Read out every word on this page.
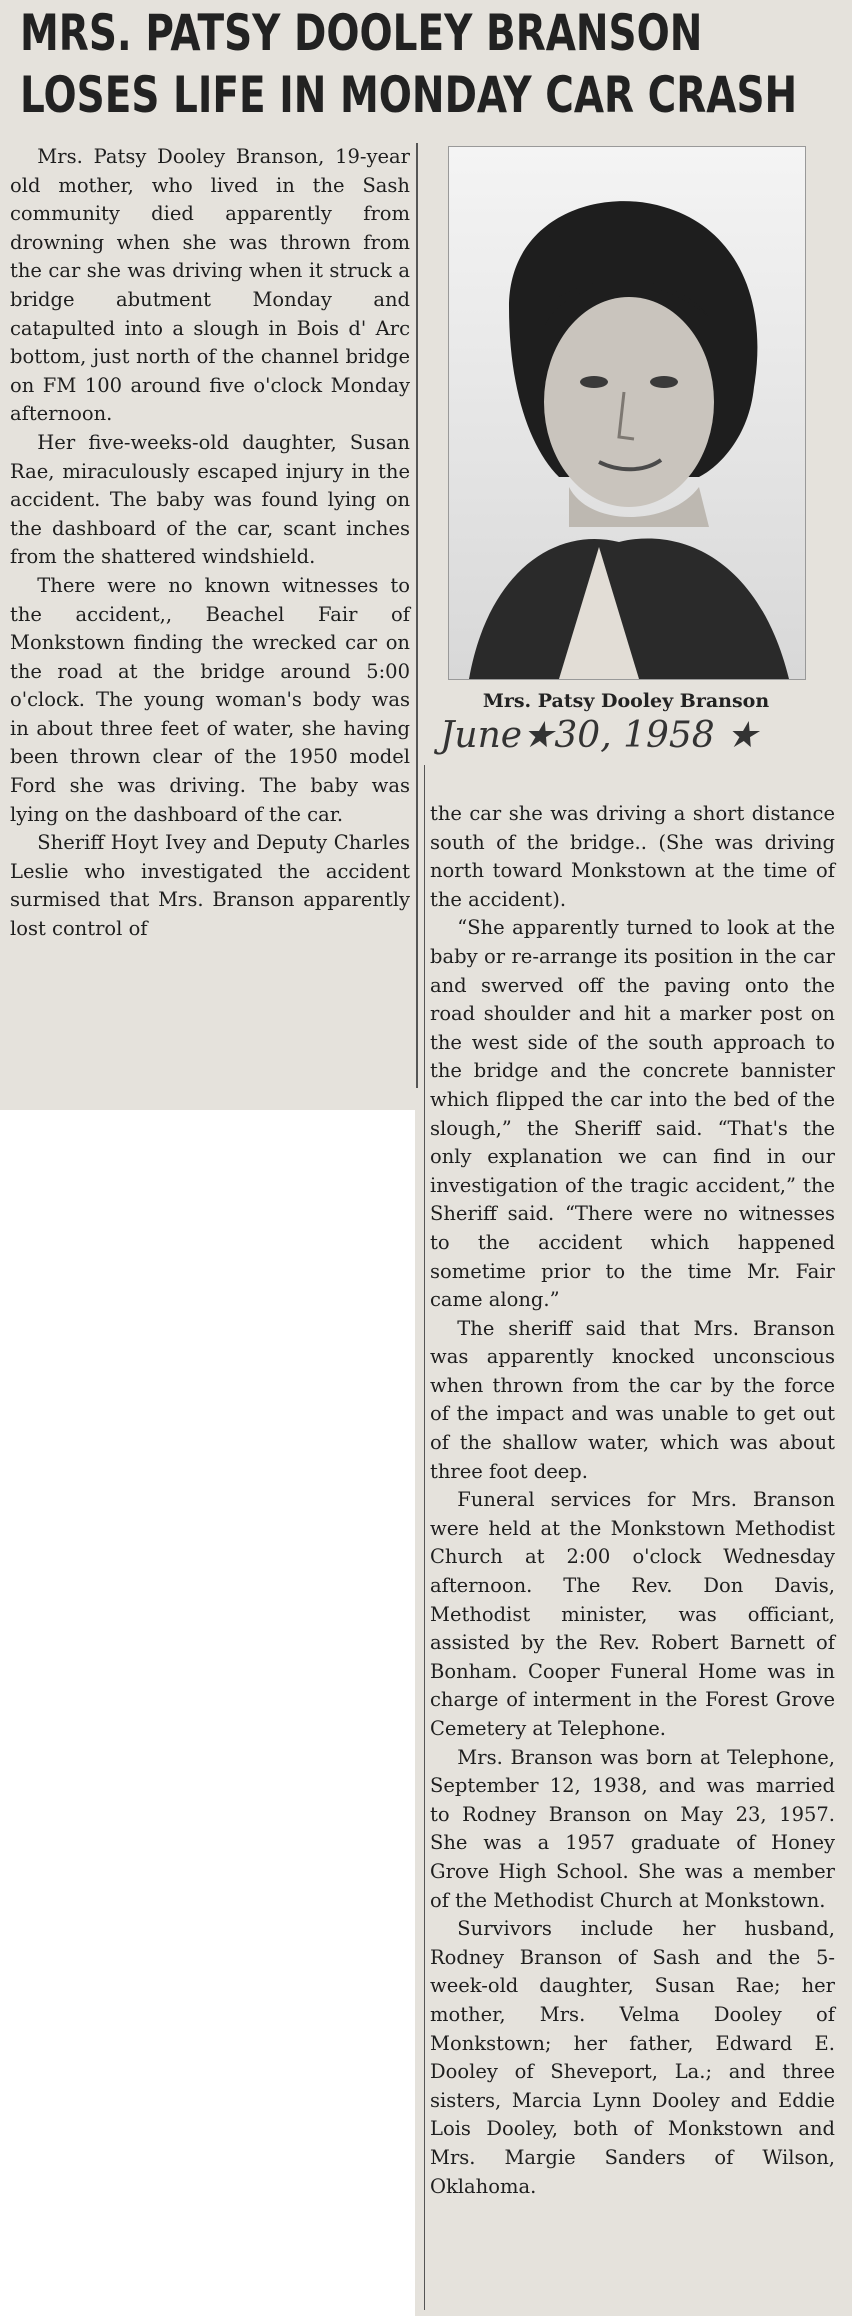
MRS. PATSY DOOLEY BRANSON
LOSES LIFE IN MONDAY CAR CRASH

Mrs. Patsy Dooley Branson, 19-year old mother, who lived in the Sash community died apparently from drowning when she was thrown from the car she was driving when it struck a bridge abutment Monday and catapulted into a slough in Bois d' Arc bottom, just north of the channel bridge on FM 100 around five o'clock Monday afternoon.

Her five-weeks-old daughter, Susan Rae, miraculously escaped injury in the accident. The baby was found lying on the dashboard of the car, scant inches from the shattered windshield.

There were no known witnesses to the accident,, Beachel Fair of Monkstown finding the wrecked car on the road at the bridge around 5:00 o'clock. The young woman's body was in about three feet of water, she having been thrown clear of the 1950 model Ford she was driving. The baby was lying on the dashboard of the car.

Sheriff Hoyt Ivey and Deputy Charles Leslie who investigated the accident surmised that Mrs. Branson apparently lost control of

Mrs. Patsy Dooley Branson
June★30, 1958 ★

the car she was driving a short distance south of the bridge.. (She was driving north toward Monkstown at the time of the accident).

“She apparently turned to look at the baby or re-arrange its position in the car and swerved off the paving onto the road shoulder and hit a marker post on the west side of the south approach to the bridge and the concrete bannister which flipped the car into the bed of the slough,” the Sheriff said. “That's the only explanation we can find in our investigation of the tragic accident,” the Sheriff said. “There were no witnesses to the accident which happened sometime prior to the time Mr. Fair came along.”

The sheriff said that Mrs. Branson was apparently knocked unconscious when thrown from the car by the force of the impact and was unable to get out of the shallow water, which was about three foot deep.

Funeral services for Mrs. Branson were held at the Monkstown Methodist Church at 2:00 o'clock Wednesday afternoon. The Rev. Don Davis, Methodist minister, was officiant, assisted by the Rev. Robert Barnett of Bonham. Cooper Funeral Home was in charge of interment in the Forest Grove Cemetery at Telephone.

Mrs. Branson was born at Telephone, September 12, 1938, and was married to Rodney Branson on May 23, 1957. She was a 1957 graduate of Honey Grove High School. She was a member of the Methodist Church at Monkstown.

Survivors include her husband, Rodney Branson of Sash and the 5-week-old daughter, Susan Rae; her mother, Mrs. Velma Dooley of Monkstown; her father, Edward E. Dooley of Sheveport, La.; and three sisters, Marcia Lynn Dooley and Eddie Lois Dooley, both of Monkstown and Mrs. Margie Sanders of Wilson, Oklahoma.
